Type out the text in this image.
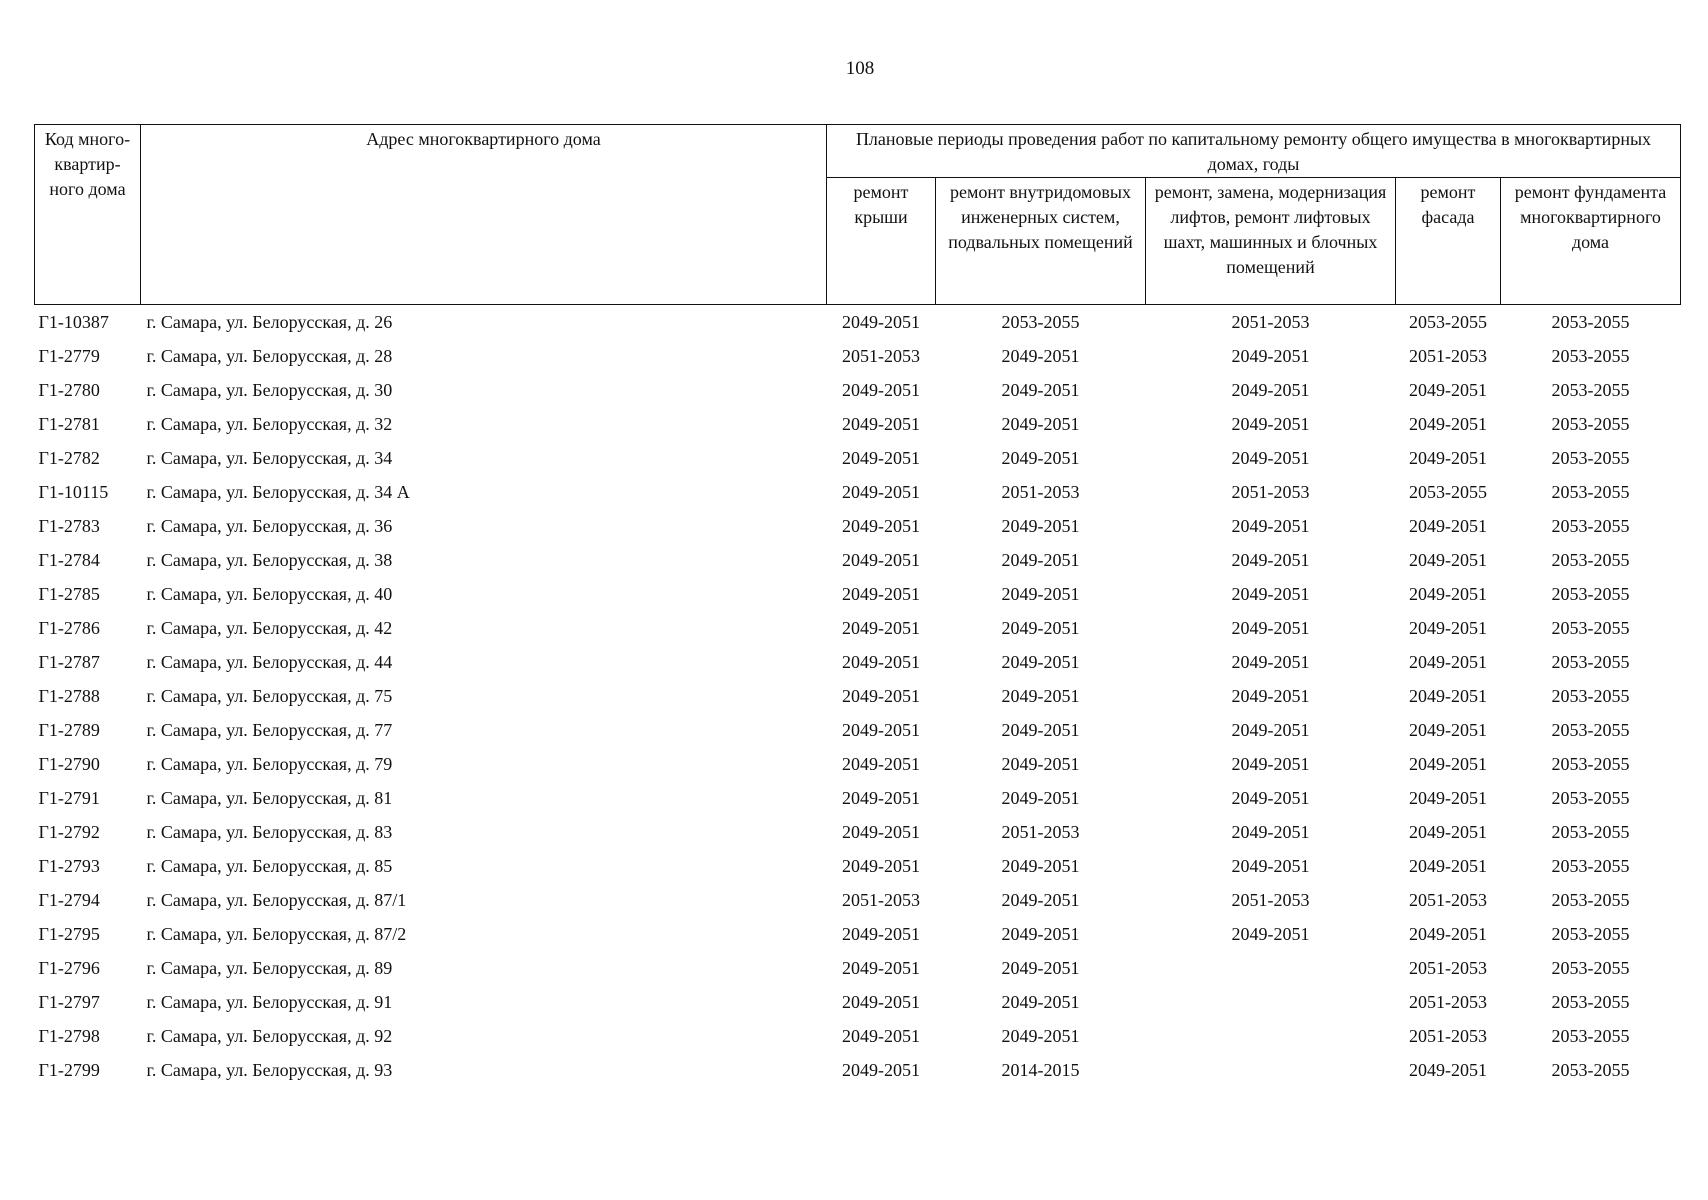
108
Код много-квартир-ного дома	Адрес многоквартирного дома	Плановые периоды проведения работ по капитальному ремонту общего имущества в многоквартирных домах, годы				
		ремонт крыши	ремонт внутридомовых инженерных систем, подвальных помещений	ремонт, замена, модернизация лифтов, ремонт лифтовых шахт, машинных и блочных помещений	ремонт фасада	ремонт фундамента многоквартирного дома
Г1-10387	г. Самара, ул. Белорусская, д. 26	2049-2051	2053-2055	2051-2053	2053-2055	2053-2055
Г1-2779	г. Самара, ул. Белорусская, д. 28	2051-2053	2049-2051	2049-2051	2051-2053	2053-2055
Г1-2780	г. Самара, ул. Белорусская, д. 30	2049-2051	2049-2051	2049-2051	2049-2051	2053-2055
Г1-2781	г. Самара, ул. Белорусская, д. 32	2049-2051	2049-2051	2049-2051	2049-2051	2053-2055
Г1-2782	г. Самара, ул. Белорусская, д. 34	2049-2051	2049-2051	2049-2051	2049-2051	2053-2055
Г1-10115	г. Самара, ул. Белорусская, д. 34 А	2049-2051	2051-2053	2051-2053	2053-2055	2053-2055
Г1-2783	г. Самара, ул. Белорусская, д. 36	2049-2051	2049-2051	2049-2051	2049-2051	2053-2055
Г1-2784	г. Самара, ул. Белорусская, д. 38	2049-2051	2049-2051	2049-2051	2049-2051	2053-2055
Г1-2785	г. Самара, ул. Белорусская, д. 40	2049-2051	2049-2051	2049-2051	2049-2051	2053-2055
Г1-2786	г. Самара, ул. Белорусская, д. 42	2049-2051	2049-2051	2049-2051	2049-2051	2053-2055
Г1-2787	г. Самара, ул. Белорусская, д. 44	2049-2051	2049-2051	2049-2051	2049-2051	2053-2055
Г1-2788	г. Самара, ул. Белорусская, д. 75	2049-2051	2049-2051	2049-2051	2049-2051	2053-2055
Г1-2789	г. Самара, ул. Белорусская, д. 77	2049-2051	2049-2051	2049-2051	2049-2051	2053-2055
Г1-2790	г. Самара, ул. Белорусская, д. 79	2049-2051	2049-2051	2049-2051	2049-2051	2053-2055
Г1-2791	г. Самара, ул. Белорусская, д. 81	2049-2051	2049-2051	2049-2051	2049-2051	2053-2055
Г1-2792	г. Самара, ул. Белорусская, д. 83	2049-2051	2051-2053	2049-2051	2049-2051	2053-2055
Г1-2793	г. Самара, ул. Белорусская, д. 85	2049-2051	2049-2051	2049-2051	2049-2051	2053-2055
Г1-2794	г. Самара, ул. Белорусская, д. 87/1	2051-2053	2049-2051	2051-2053	2051-2053	2053-2055
Г1-2795	г. Самара, ул. Белорусская, д. 87/2	2049-2051	2049-2051	2049-2051	2049-2051	2053-2055
Г1-2796	г. Самара, ул. Белорусская, д. 89	2049-2051	2049-2051		2051-2053	2053-2055
Г1-2797	г. Самара, ул. Белорусская, д. 91	2049-2051	2049-2051		2051-2053	2053-2055
Г1-2798	г. Самара, ул. Белорусская, д. 92	2049-2051	2049-2051		2051-2053	2053-2055
Г1-2799	г. Самара, ул. Белорусская, д. 93	2049-2051	2014-2015		2049-2051	2053-2055
